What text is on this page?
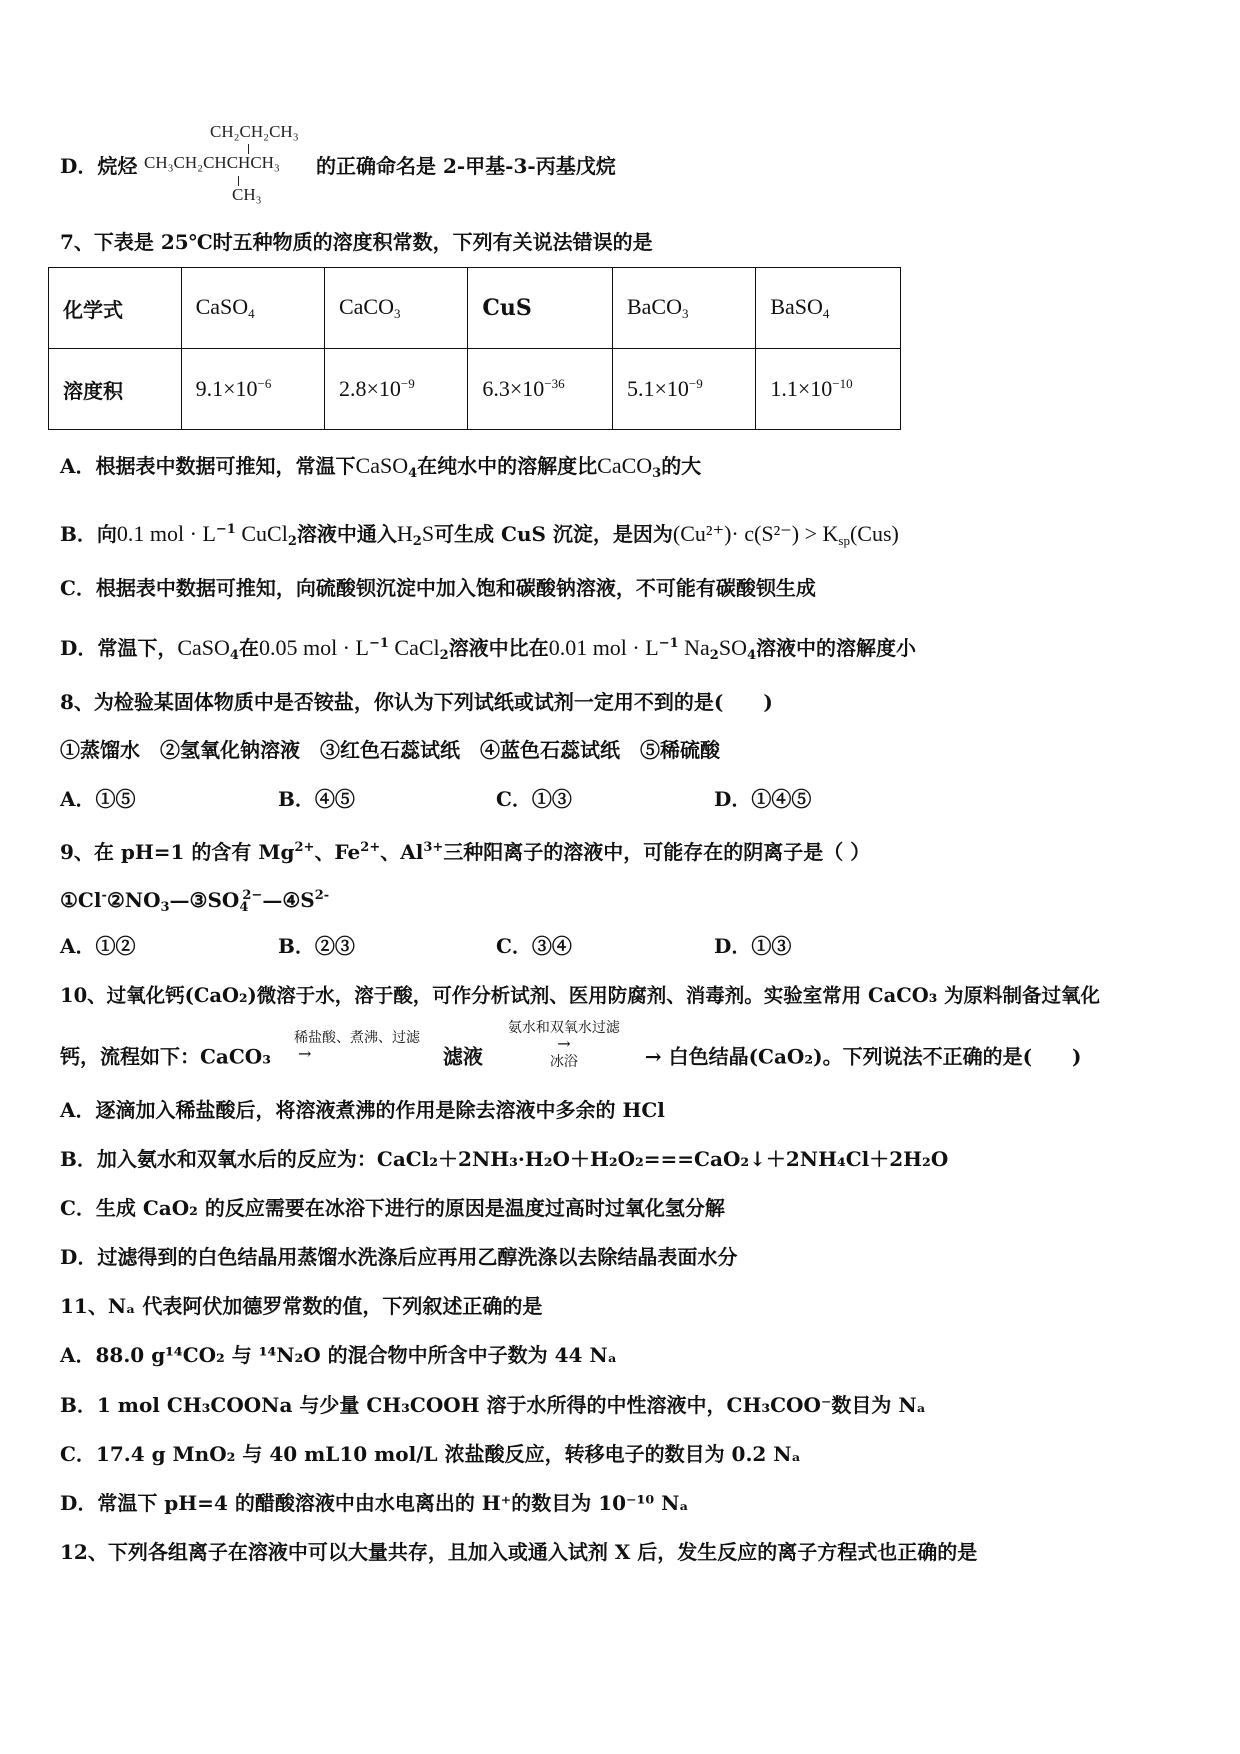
D．烷烃
CH₂CH₂CH₃
CH₃CH₂CHCHCH₃
CH₃
的正确命名是 2-甲基-3-丙基戊烷
7、下表是 25℃时五种物质的溶度积常数，下列有关说法错误的是
化学式	CaSO$_4$	CaCO$_3$	CuS	BaCO$_3$	BaSO$_4$
溶度积	$9.1\times 10^{-6}$	$2.8\times 10^{-9}$	$6.3\times 10^{-36}$	$5.1\times 10^{-9}$	$1.1\times 10^{-10}$
A．根据表中数据可推知，常温下CaSO$_4$在纯水中的溶解度比CaCO$_3$的大
B．向0.1 mol · $L^{-1}$ CuCl$_2$溶液中通入$H_2S$可生成 CuS 沉淀，是因为$(Cu^{2+})\cdot c(S^{2-}) > K_{sp}(Cus)$
C．根据表中数据可推知，向硫酸钡沉淀中加入饱和碳酸钠溶液，不可能有碳酸钡生成
D．常温下，CaSO$_4$在0.05 mol · $L^{-1}$ CaCl$_2$溶液中比在0.01 mol · $L^{-1}$ $Na_2SO_4$溶液中的溶解度小
8、为检验某固体物质中是否铵盐，你认为下列试纸或试剂一定用不到的是(　　)
①蒸馏水　②氢氧化钠溶液　③红色石蕊试纸　④蓝色石蕊试纸　⑤稀硫酸
A．①⑤	B．④⑤	C．①③	D．①④⑤
9、在 pH=1 的含有 $Mg^{2+}$、$Fe^{2+}$、$Al^{3+}$三种阳离子的溶液中，可能存在的阴离子是（ ）
$①Cl^-②NO_3—③SO_4^{2-}—④S^{2-}$
A．①②	B．②③	C．③④	D．①③
10、过氧化钙(CaO₂)微溶于水，溶于酸，可作分析试剂、医用防腐剂、消毒剂。实验室常用 CaCO₃ 为原料制备过氧化
钙，流程如下：CaCO₃
稀盐酸、煮沸、过滤
→	滤液
氨水和双氧水过滤
→
冰浴	→ 白色结晶(CaO₂)。下列说法不正确的是(　　)
A．逐滴加入稀盐酸后，将溶液煮沸的作用是除去溶液中多余的 HCl
B．加入氨水和双氧水后的反应为：CaCl₂＋2NH₃·H₂O＋H₂O₂===CaO₂↓＋2NH₄Cl＋2H₂O
C．生成 CaO₂ 的反应需要在冰浴下进行的原因是温度过高时过氧化氢分解
D．过滤得到的白色结晶用蒸馏水洗涤后应再用乙醇洗涤以去除结晶表面水分
11、Nₐ 代表阿伏加德罗常数的值，下列叙述正确的是
A．88.0 g¹⁴CO₂ 与 ¹⁴N₂O 的混合物中所含中子数为 44 Nₐ
B．1 mol CH₃COONa 与少量 CH₃COOH 溶于水所得的中性溶液中，CH₃COO⁻数目为 Nₐ
C．17.4 g MnO₂ 与 40 mL10 mol/L 浓盐酸反应，转移电子的数目为 0.2 Nₐ
D．常温下 pH=4 的醋酸溶液中由水电离出的 H⁺的数目为 10⁻¹⁰ Nₐ
12、下列各组离子在溶液中可以大量共存，且加入或通入试剂 X 后，发生反应的离子方程式也正确的是
